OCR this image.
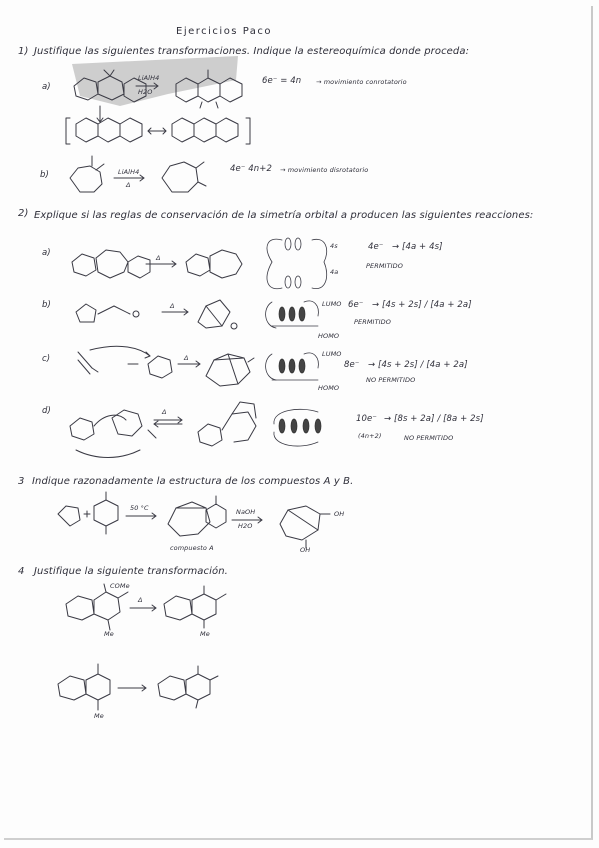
Ejercicios Paco
1) Justifique las siguientes transformaciones. Indique la estereoquímica donde proceda:
a)
LiAlH4
H2O
6e⁻ = 4n → movimiento conrotatorio
b)	LiAlH4
Δ
4e⁻ 4n+2 → movimiento disrotatorio
2) Explique si las reglas de conservación de la simetría orbital a producen las siguientes reacciones:
a)	Δ
4s
4a
4e⁻ → [4a + 4s]
PERMITIDO
b)	Δ	LUMO
HOMO
6e⁻ → [4s + 2s] / [4a + 2a]
PERMITIDO
c)	Δ	LUMO
HOMO
8e⁻ → [4s + 2s] / [4a + 2a]
NO PERMITIDO
d)	Δ
10e⁻ → [8s + 2a] / [8a + 2s]
(4n+2)	NO PERMITIDO
3 Indique razonadamente la estructura de los compuestos A y B.
50 °C	NaOH
H2O
compuesto A
OH
OH
4 Justifique la siguiente transformación.
Δ
COMe
Me	Me
Me
